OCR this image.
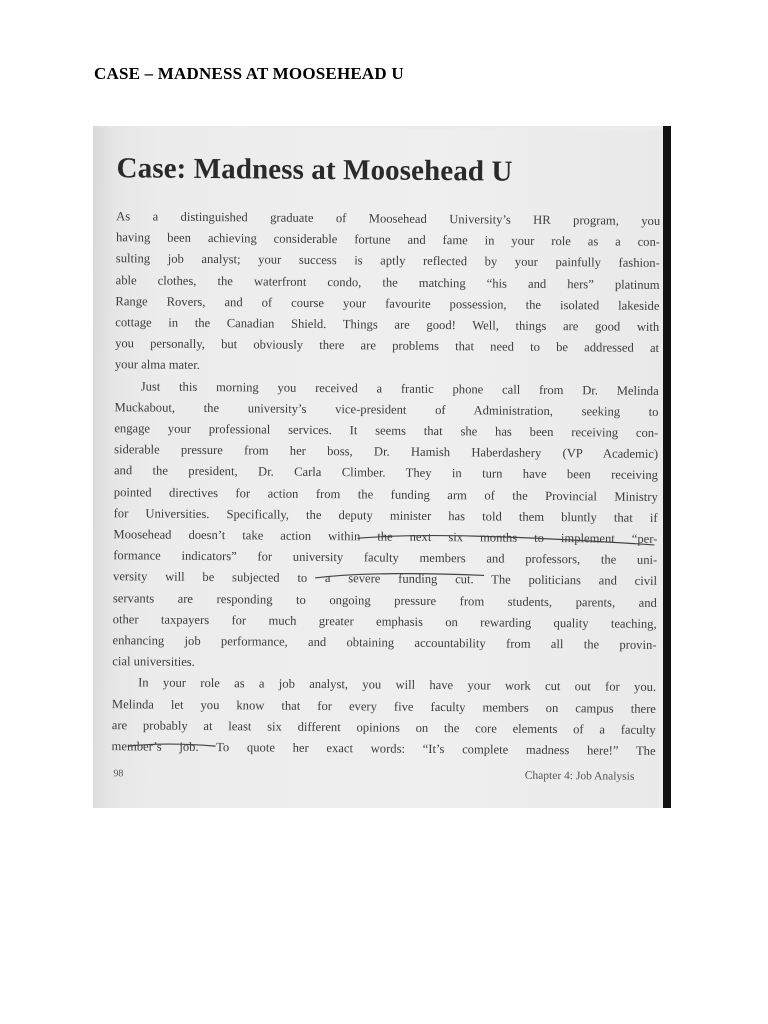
CASE – MADNESS AT MOOSEHEAD U
Case: Madness at Moosehead U

As a distinguished graduate of Moosehead University’s HR program, you
having been achieving considerable fortune and fame in your role as a con-
sulting job analyst; your success is aptly reflected by your painfully fashion-
able clothes, the waterfront condo, the matching “his and hers” platinum
Range Rovers, and of course your favourite possession, the isolated lakeside
cottage in the Canadian Shield. Things are good! Well, things are good with
you personally, but obviously there are problems that need to be addressed at
your alma mater.

Just this morning you received a frantic phone call from Dr. Melinda
Muckabout, the university’s vice-president of Administration, seeking to
engage your professional services. It seems that she has been receiving con-
siderable pressure from her boss, Dr. Hamish Haberdashery (VP Academic)
and the president, Dr. Carla Climber. They in turn have been receiving
pointed directives for action from the funding arm of the Provincial Ministry
for Universities. Specifically, the deputy minister has told them bluntly that if
Moosehead doesn’t take action within the next six months to implement “per-
formance indicators” for university faculty members and professors, the uni-
versity will be subjected to a severe funding cut. The politicians and civil
servants are responding to ongoing pressure from students, parents, and
other taxpayers for much greater emphasis on rewarding quality teaching,
enhancing job performance, and obtaining accountability from all the provin-
cial universities.

In your role as a job analyst, you will have your work cut out for you.
Melinda let you know that for every five faculty members on campus there
are probably at least six different opinions on the core elements of a faculty
member’s job. To quote her exact words: “It’s complete madness here!” The

98	Chapter 4: Job Analysis
